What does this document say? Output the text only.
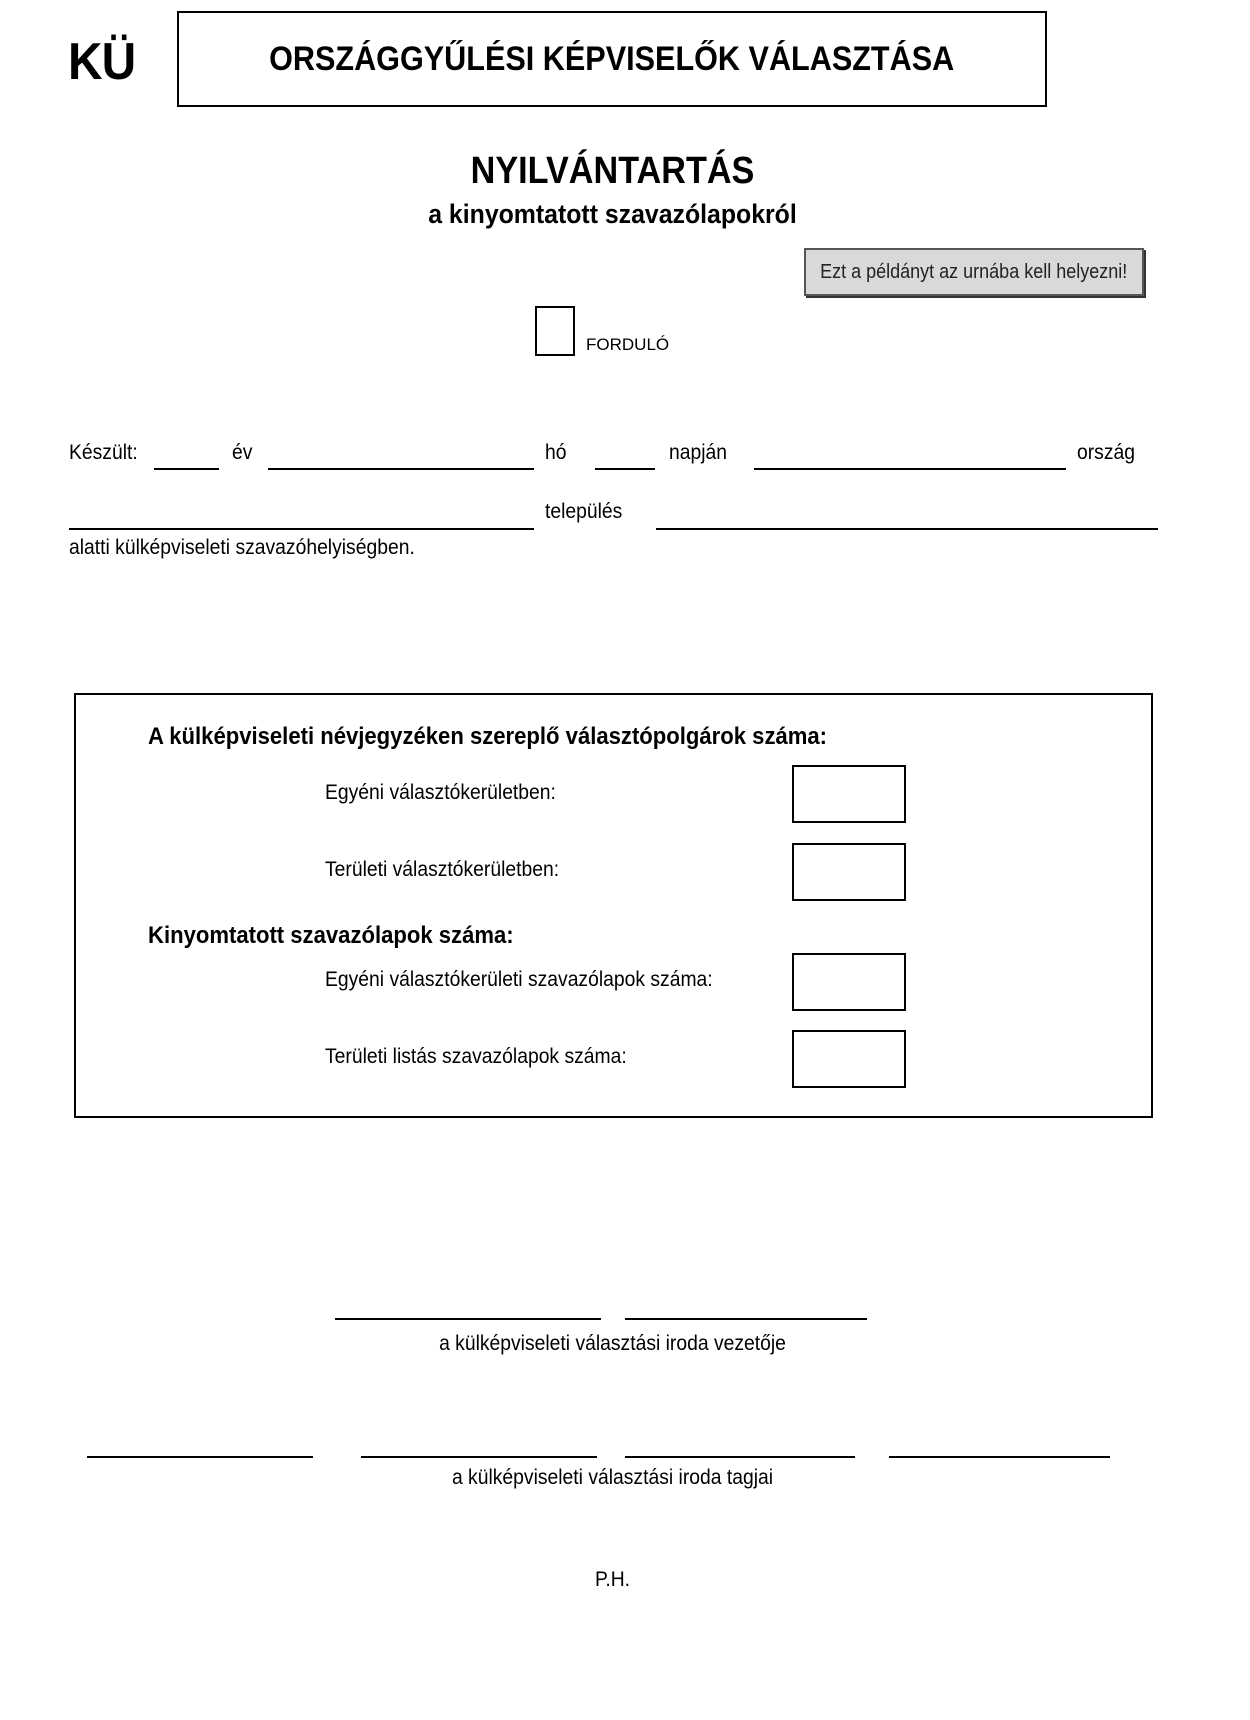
KÜ	ORSZÁGGYŰLÉSI KÉPVISELŐK VÁLASZTÁSA
NYILVÁNTARTÁS
a kinyomtatott szavazólapokról
Ezt a példányt az urnába kell helyezni!
FORDULÓ
Készült:	év	hó	napján	ország
település
alatti külképviseleti szavazóhelyiségben.
A külképviseleti névjegyzéken szereplő választópolgárok száma:
Egyéni választókerületben:
Területi választókerületben:
Kinyomtatott szavazólapok száma:
Egyéni választókerületi szavazólapok száma:
Területi listás szavazólapok száma:
a külképviseleti választási iroda vezetője
a külképviseleti választási iroda tagjai
P.H.
